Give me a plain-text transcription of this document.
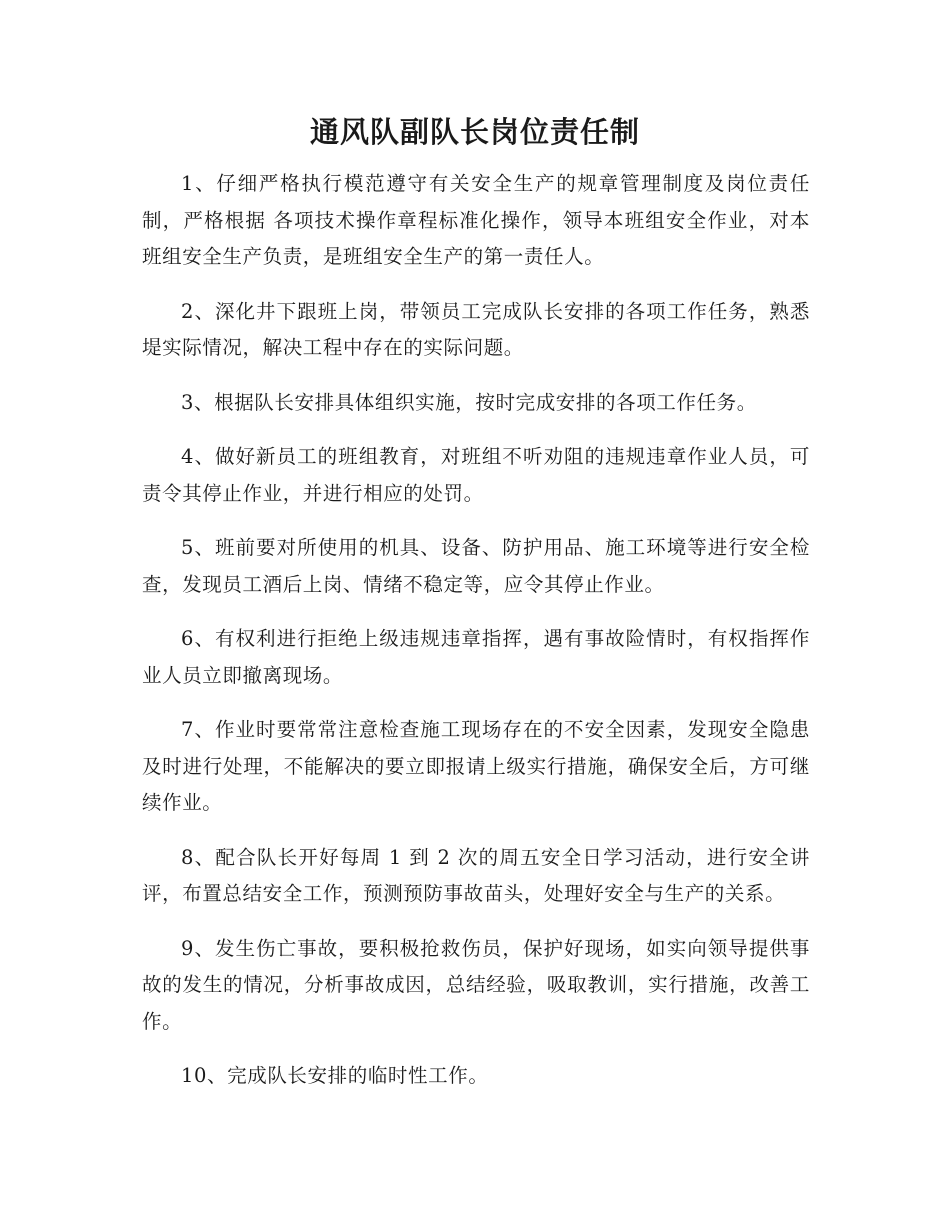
通风队副队长岗位责任制

1、仔细严格执行模范遵守有关安全生产的规章管理制度及岗位责任制，严格根据 各项技术操作章程标准化操作，领导本班组安全作业，对本班组安全生产负责，是班组安全生产的第一责任人。

2、深化井下跟班上岗，带领员工完成队长安排的各项工作任务，熟悉堤实际情况，解决工程中存在的实际问题。

3、根据队长安排具体组织实施，按时完成安排的各项工作任务。

4、做好新员工的班组教育，对班组不听劝阻的违规违章作业人员，可责令其停止作业，并进行相应的处罚。

5、班前要对所使用的机具、设备、防护用品、施工环境等进行安全检查，发现员工酒后上岗、情绪不稳定等，应令其停止作业。

6、有权利进行拒绝上级违规违章指挥，遇有事故险情时，有权指挥作业人员立即撤离现场。

7、作业时要常常注意检查施工现场存在的不安全因素，发现安全隐患及时进行处理，不能解决的要立即报请上级实行措施，确保安全后，方可继续作业。

8、配合队长开好每周 1 到 2 次的周五安全日学习活动，进行安全讲评，布置总结安全工作，预测预防事故苗头，处理好安全与生产的关系。

9、发生伤亡事故，要积极抢救伤员，保护好现场，如实向领导提供事故的发生的情况，分析事故成因，总结经验，吸取教训，实行措施，改善工作。

10、完成队长安排的临时性工作。
